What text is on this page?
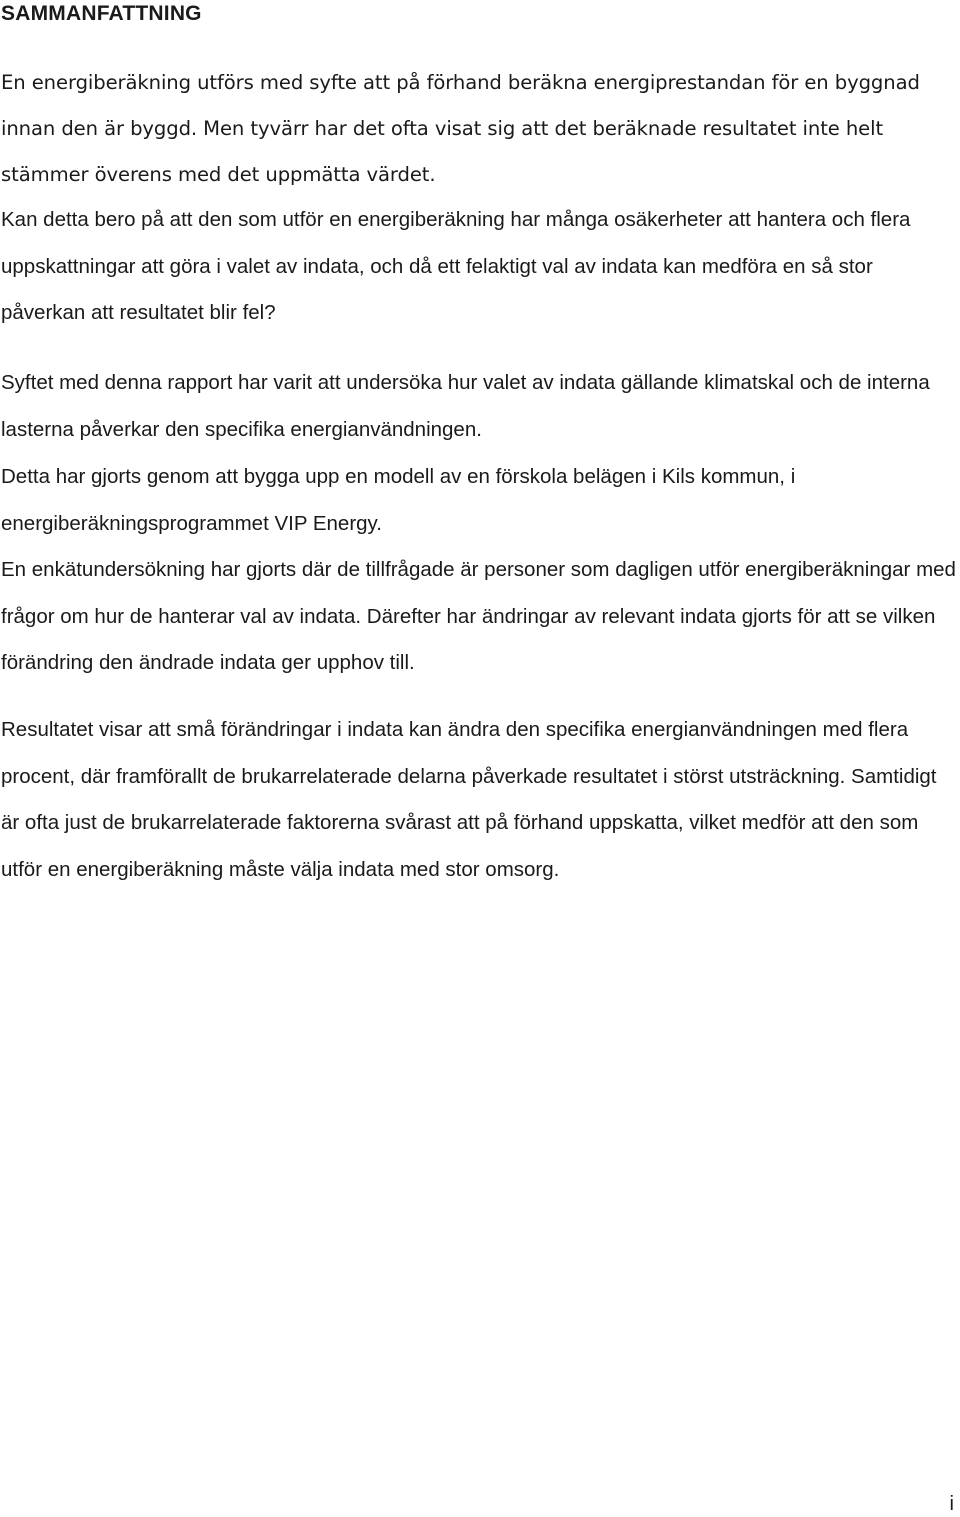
SAMMANFATTNING

En energiberäkning utförs med syfte att på förhand beräkna energiprestandan för en byggnad innan den är byggd. Men tyvärr har det ofta visat sig att det beräknade resultatet inte helt stämmer överens med det uppmätta värdet.

Kan detta bero på att den som utför en energiberäkning har många osäkerheter att hantera och flera uppskattningar att göra i valet av indata, och då ett felaktigt val av indata kan medföra en så stor påverkan att resultatet blir fel?

Syftet med denna rapport har varit att undersöka hur valet av indata gällande klimatskal och de interna lasterna påverkar den specifika energianvändningen.

Detta har gjorts genom att bygga upp en modell av en förskola belägen i Kils kommun, i energiberäkningsprogrammet VIP Energy.

En enkätundersökning har gjorts där de tillfrågade är personer som dagligen utför energiberäkningar med frågor om hur de hanterar val av indata. Därefter har ändringar av relevant indata gjorts för att se vilken förändring den ändrade indata ger upphov till.

Resultatet visar att små förändringar i indata kan ändra den specifika energianvändningen med flera procent, där framförallt de brukarrelaterade delarna påverkade resultatet i störst utsträckning. Samtidigt är ofta just de brukarrelaterade faktorerna svårast att på förhand uppskatta, vilket medför att den som utför en energiberäkning måste välja indata med stor omsorg.

i
